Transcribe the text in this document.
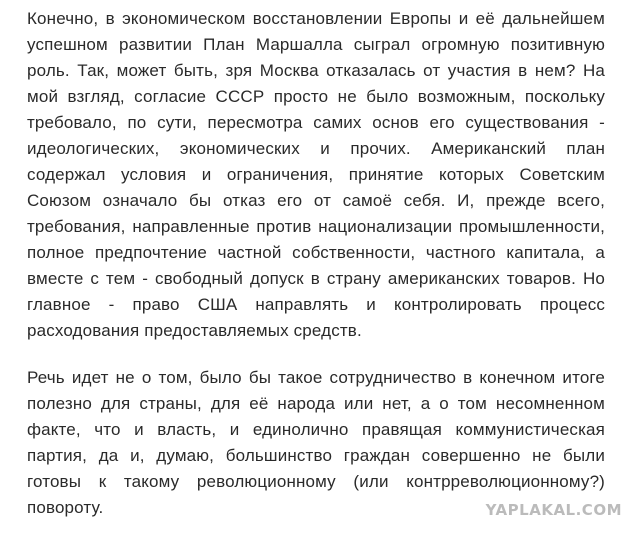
Конечно, в экономическом восстановлении Европы и её дальнейшем успешном развитии План Маршалла сыграл огромную позитивную роль. Так, может быть, зря Москва отказалась от участия в нем? На мой взгляд, согласие СССР просто не было возможным, поскольку требовало, по сути, пересмотра самих основ его существования - идеологических, экономических и прочих. Американский план содержал условия и ограничения, принятие которых Советским Союзом означало бы отказ его от самоё себя. И, прежде всего, требования, направленные против национализации промышленности, полное предпочтение частной собственности, частного капитала, а вместе с тем - свободный допуск в страну американских товаров. Но главное - право США направлять и контролировать процесс расходования предоставляемых средств.

Речь идет не о том, было бы такое сотрудничество в конечном итоге полезно для страны, для её народа или нет, а о том несомненном факте, что и власть, и единолично правящая коммунистическая партия, да и, думаю, большинство граждан совершенно не были готовы к такому революционному (или контрреволюционному?) повороту.	YAPLAKAL.COM
